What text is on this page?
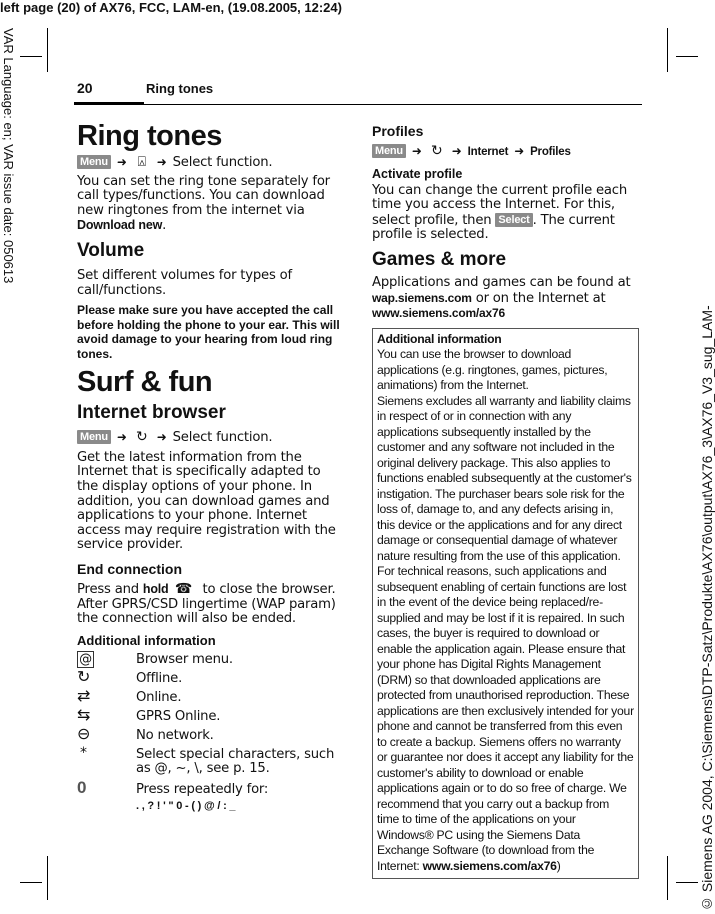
left page (20) of AX76, FCC, LAM-en, (19.08.2005, 12:24)
VAR Language: en; VAR issue date: 050613
© Siemens AG 2004, C:\Siemens\DTP-Satz\Produkte\AX76\output\AX76_3\AX76_V3_sug_LAM-
20	Ring tones
Ring tones
Menu ➜ ⍓ ➜ Select function.

You can set the ring tone separately for call types/functions. You can download new ringtones from the internet via Download new.

Volume

Set different volumes for types of call/functions.

Please make sure you have accepted the call before holding the phone to your ear. This will avoid damage to your hearing from loud ring tones.

Surf & fun
Internet browser
Menu ➜ ↻ ➜ Select function.

Get the latest information from the Internet that is specifically adapted to the display options of your phone. In addition, you can download games and applications to your phone. Internet access may require registration with the service provider.

End connection

Press and hold ☎ to close the browser. After GPRS/CSD lingertime (WAP param) the connection will also be ended.

Additional information
@	Browser menu.
↻	Offline.
⇄	Online.
⇆	GPRS Online.
⊖	No network.
*	Select special characters, such as @, ~, \, see p. 15.
0	Press repeatedly for:
. , ? ! ' " 0 - ( ) @ / : _
Profiles
Menu ➜ ↻ ➜ Internet ➜ Profiles
Activate profile

You can change the current profile each time you access the Internet. For this, select profile, then Select . The current profile is selected.

Games & more

Applications and games can be found at wap.siemens.com or on the Internet at www.siemens.com/ax76

Additional information

You can use the browser to download applications (e.g. ringtones, games, pictures, animations) from the Internet.

Siemens excludes all warranty and liability claims in respect of or in connection with any applications subsequently installed by the customer and any software not included in the original delivery package. This also applies to functions enabled subsequently at the customer's instigation. The purchaser bears sole risk for the loss of, damage to, and any defects arising in, this device or the applications and for any direct damage or consequential damage of whatever nature resulting from the use of this application. For technical reasons, such applications and subsequent enabling of certain functions are lost in the event of the device being replaced/re-supplied and may be lost if it is repaired. In such cases, the buyer is required to download or enable the application again. Please ensure that your phone has Digital Rights Management (DRM) so that downloaded applications are protected from unauthorised reproduction. These applications are then exclusively intended for your phone and cannot be transferred from this even to create a backup. Siemens offers no warranty or guarantee nor does it accept any liability for the customer's ability to download or enable applications again or to do so free of charge. We recommend that you carry out a backup from time to time of the applications on your Windows® PC using the Siemens Data Exchange Software (to download from the Internet: www.siemens.com/ax76)
